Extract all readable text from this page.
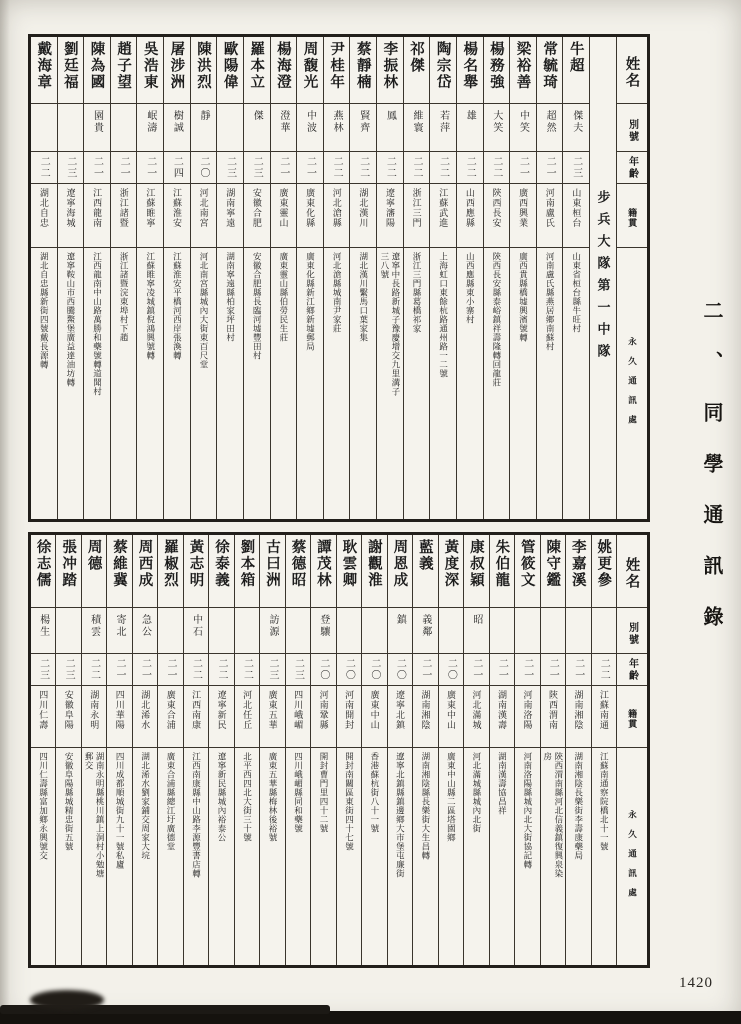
二、同學通訊錄
姓名
別號
年齡
籍貫
永久通訊處
步兵大隊第一中隊
牛超
傑夫
二三
山東桓台
山東省桓台縣牛旺村
常毓琦
超然
二一
河南盧氏
河南盧氏縣燕居鄉南蘇村
梁裕善
中笑
二一
廣西興業
廣西貴縣橋墟興濱號轉
楊務強
大笑
二二
陝西長安
陝西長安縣泰峪鎮祥壽隆轉回龍莊
楊名舉
雄
二二
山西應縣
山西應縣東小寨村
陶宗岱
若萍
二二
江蘇武進
上海虹口東餘杭路通州路一二號
祁傑
維寰
二二
浙江三門
浙江三門縣葛橋祁家
李振林
鳳
二二
遼寧瀋陽
遼寧中長路新城子豫慶增交九里溝子三八號
蔡靜楠
賢齊
二二
湖北漢川
湖北漢川繫馬口葉家集
尹桂年
燕林
二二
河北滄縣
河北滄縣城南尹家莊
周馥光
中波
二一
廣東化縣
廣東化縣新江鄉新墟郵局
楊海澄
澄華
二一
廣東靈山
廣東靈山縣伯勞民生莊
羅本立
傑
二三
安徽合肥
安徽合肥縣長臨河墟豐田村
歐陽偉
二三
湖南寧遠
湖南寧遠縣柏家坪田村
陳洪烈
靜
二〇
河北南宮
河北南宮縣城內大街東百尺堂
屠涉洲
樹誠
二四
江蘇淮安
江蘇淮安平橋河西岸張渙轉
吳浩東
岷濤
二一
江蘇睢寧
江蘇睢寧凌城鎮倪鴻興號轉
趙子望
二一
浙江諸暨
浙江諸暨浣東埠村下趙
陳為國
園貴
二一
江西龍南
江西龍南中山路萬勝和藥號轉道聞村
劉廷福
二三
遼寧海城
遼寧鞍山市西騰鰲堡廣益達油坊轉
戴海章
二二
湖北自忠
湖北自忠縣新街四號戴長源轉
姓名
別號
年齡
籍貫
永久通訊處
姚更參
二二
江蘇南通
江蘇南通察院橋北十一號
李嘉溪
二一
湖南湘陰
湖南湘陰長樂街李壽康藥局
陳守鑑
二一
陝西渭南
陝西渭南縣河北信義鎮復興泉染房
管筱文
二一
河南洛陽
河南洛陽縣城內北大街協記轉
朱伯龍
二一
湖南漢壽
湖南漢壽協昌祥
康叔穎
昭
二一
河北滿城
河北滿城縣城內北街
黃度深
二〇
廣東中山
廣東中山縣二區塔園鄉
藍義
義鄰
二一
湖南湘陰
湖南湘陰縣長樂街大生昌轉
周恩成
鎮
二〇
遼寧北鎮
遼寧北鎮縣鎮邊鄉大市堡屯廉街
謝觀淮
二〇
廣東中山
香港蘇杭街八十一號
耿雲卿
二〇
河南開封
開封南關區東街四十七號
譚茂林
登驤
二〇
河南鞏縣
開封曹門里四十二號
蔡德昭
二三
四川峨嵋
四川峨嵋縣同和藥號
古曰洲
訪源
二三
廣東五華
廣東五華縣梅林後裕號
劉本箱
二二
河北任丘
北平西四北大街三十號
徐泰義
二二
遼寧新民
遼寧新民縣城內裕泰公
黃志明
中石
二二
江西南康
江西南康縣中山路李源豐書店轉
羅椒烈
二一
廣東合浦
廣東合浦縣總江圩廣德堂
周西成
急公
二一
湖北浠水
湖北浠水劉家鋪交周家大垸
蔡維冀
寄北
二一
四川華陽
四川成都順城街九十一號私廬
周德
積雲
二二
湖南永明
湖南永明縣桃川鎮上洞村小勉塘郵交
張冲踏
二三
安徽阜陽
安徽阜陽縣城精忠街五號
徐志儒
楊生
二三
四川仁壽
四川仁壽縣富加鄉永興號交
1420
